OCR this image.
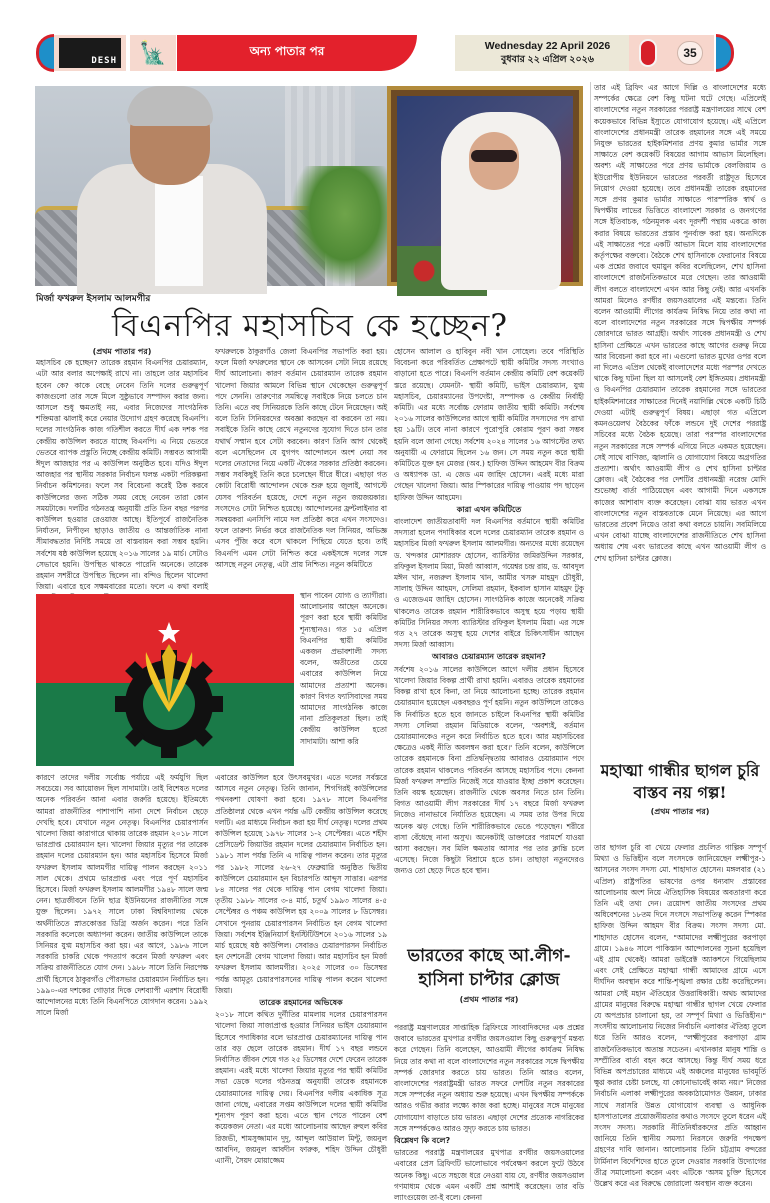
DESH	🗽	অন্য পাতার পর	Wednesday 22 April 2026
বুধবার ২২ এপ্রিল ২০২৬	35
মির্জা ফখরুল ইসলাম আলমগীর
বিএনপির মহাসচিব কে হচ্ছেন?

(প্রথম পাতার পর)

মহাসচিব কে হচ্ছেন? তারেক রহমান বিএনপির চেয়ারম্যান, এটা আর বলার অপেক্ষাই রাখে না। তাহলে তার মহাসচিব হবেন কে? কাকে বেছে নেবেন তিনি দলের গুরুত্বপূর্ণ কাজগুলো তার সঙ্গে মিলে সুষ্ঠুভাবে সম্পাদন করার জন্য। আসলে শুধু ক্ষমতাই নয়, এবার নিজেদের সাংগঠনিক শক্তিমত্তা ঝালাই করে নেয়ার উদ্যোগ গ্রহণ করেছে বিএনপি। দলের সাংগঠনিক কাজ গতিশীল করতে দীর্ঘ এক দশক পর কেন্দ্রীয় কাউন্সিল করতে যাচ্ছে বিএনপি। এ নিয়ে ভেতরে ভেতরে ব্যাপক প্রস্তুতি নিচ্ছে কেন্দ্রীয় কমিটি। সম্ভবত আগামী ঈদুল আজহার পর এ কাউন্সিল অনুষ্ঠিত হবে। যদিও ঈদুল আজহার পর স্থানীয় সরকার নির্বাচন ঘলন্ত একটা পরিকল্পনা নির্বাচন কমিশনের। ফলে সব বিবেচনা করেই ঠিক করবে কাউন্সিলের জন্য সঠিক সময় বেছে নেবেন তারা কোন সময়টাকে। দলটির গঠনতন্ত্র অনুযায়ী প্রতি তিন বছর পরপর কাউন্সিল হওয়ার রেওয়াজ আছে। ইতিপূর্বে রাজনৈতিক নির্যাতন, নিপীড়ন ছাড়াও জাতীয় ও আন্তর্জাতিক নানা সীমাবদ্ধতার নির্দিষ্ট সময়ে তা বাস্তবায়ন করা সম্ভব হয়নি। সর্বশেষ ষষ্ঠ কাউন্সিল হয়েছে ২০১৬ সালের ১৯ মার্চ। সেটাও সেভাবে হয়নি। উপস্থিত থাকতে পারেনি অনেকে। তারেক রহমান সশরীরে উপস্থিত ছিলেন না। বন্দিও ছিলেন খালেদা জিয়া। এবারে হবে সক্ষমবারের মতো। ফলে এ কথা বলাই

ফখরুলকে ঠাকুরগাঁও জেলা বিএনপির সভাপতি করা হয়। ফলে মির্জা ফখরুলের স্থানে কে আসবেন সেটা নিয়ে রয়েছে দীর্ঘ আলোচনা। কারণ বর্তমান চেয়ারম্যান তারেক রহমান খালেদা জিয়ার আমলে বিভিন্ন স্থানে থেকেছেন গুরুত্বপূর্ণ পদে সেননি। তারুণ্যের সমন্বিত্বে সবাইকে নিয়ে চলতে চান তিনি। এতে বহু সিনিয়রকে তিনি কাছে টেনে নিয়েছেন। অই বলে তিনি সিনিয়রদের অবজ্ঞা করছেন বা করবেন তা নয়। সবাইকে তিনি কাছে রেখে নতুনদের সুযোগ দিতে চান তার যথার্থ সম্মান হবে সেটা করবেন। কারণ তিনি আগ থেকেই বলে এসেছিলেন যে যুগপৎ আন্দোলনে অংশ নেয়া সব দলের নেতাদের নিয়ে একটি ঐক্যের সরকার প্রতিষ্ঠা করবেন। সম্ভব সবকিছুই তিনি করে চলেছেন ধীরে ধীরে। এছাড়া গত কোটা বিরোধী আন্দোলন থেকে শুরু হয়ে জুলাই, আগস্টে যেসব পরিবর্তন হয়েছে, দেশে নতুন নতুন জয়জয়কার। সংসদেও সেটা নিশ্চিত হয়েছে। আন্দোলনের ফ্রন্টলাইনার বা সমন্বয়করা এনসিপি নামে দল প্রতিষ্ঠা করে এখন সংসদেও। ফলে তারুণ্য নির্ভর করে রাজনৈতিক দল সিনিয়র, অভিজ্ঞ এসব পুঁজি করে বসে থাকলে পিছিয়ে যেতে হবে। তাই বিএনপি এমন সেটা নিশ্চিত করে একইসঙ্গে দলের সঙ্গে আসছে নতুন নেতৃত্ব, এটা প্রায় নিশ্চিত। নতুন কমিটিতে

স্থান পাবেন যোগ্য ও ত্যাগীরা। আলোচনায় আছেন অনেকে। পূরণ করা হবে স্থায়ী কমিটির শূন্যস্থানও। গত ১৫ এপ্রিল বিএনপির স্থায়ী কমিটির একজন প্রভাবশালী সদস্য বলেন, অতীতের চেয়ে এবারের কাউন্সিল নিয়ে আমাদের প্রত্যাশা অনেক। কারণ বিগত ফ্যাসিবাদের সময় আমাদের সাংগঠনিক কাজে নানা প্রতিকূলতা ছিল। তাই কেন্দ্রীয় কাউন্সিল হতো সাদামাটা। আশা করি

কারণে তাদের দলীয় সর্বোচ্চ পর্যায়ে এই ফর্মযুগি ছিল সবচেয়ে। সব আয়োজন ছিল সাদামাটা। তাই বিশেষত দলের অনেক পরিবর্তন আনা এবার জরুরি হয়েছে। ইতিমধ্যে আমরা রাজনীতির পাশাপাশি নানা দেশে নির্বাচন ছেড়ে দেখছি হবে। যেখানে নতুন নেতৃত্ব। বিএনপির চেয়ারপার্সন খালেদা জিয়া কারাগারে থাকায় তারেক রহমান ২০১৮ সালে ভারপ্রাপ্ত চেয়ারম্যান হন। খালেদা জিয়ার মৃত্যুর পর তারেক রহমান দলের চেয়ারম্যান হন। আর মহাসচিব হিসেবে মির্জা ফখরুল ইসলাম আলমগীর দায়িত্ব পালন করছেন ২০১১ সাল থেকে। প্রথমে ভারপ্রাপ্ত এবং পরে পূর্ণ মহাসচিব হিসেবে। মির্জা ফখরুল ইসলাম আলমগীর ১৯৪৮ সালে জন্ম নেন। ছাত্রজীবনে তিনি ছাত্র ইউনিয়নের রাজনীতির সঙ্গে যুক্ত ছিলেন। ১৯৭২ সালে ঢাকা বিশ্ববিদ্যালয় থেকে অর্থনীতিতে স্নাতকোত্তর ডিগ্রি অর্জন করেন। পরে তিনি সরকারি কলেজে অধ্যাপনা করেন। জাতীয় কাউন্সিলে তাকে সিনিয়র যুগ্ম মহাসচিব করা হয়। এর আগে, ১৯৮৬ সালে সরকারি চাকরি থেকে পদত্যাগ করেন মির্জা ফখরুল এবং সক্রিয় রাজনীতিতে যোগ দেন। ১৯৮৮ সালে তিনি নিরপেক্ষ প্রার্থী হিসেবে ঠাকুরগাঁও পৌরসভার চেয়ারম্যান নির্বাচিত হন। ১৯৯০-এর দশকের গোড়ার দিকে দেশব্যাপী এরশাদ বিরোধী আন্দোলনের মধ্যে তিনি বিএনপিতে যোগদান করেন। ১৯৯২ সালে মির্জা

এবারের কাউন্সিল হবে উৎসবমুখর। এতে দলের সর্বস্তরে আসবে নতুন নেতৃত্ব। তিনি জানান, শিগগিরই কাউন্সিলের পথনকশা ঘোষণা করা হবে। ১৯৭৮ সালে বিএনপির প্রতিষ্ঠালগ্ন থেকে এখন পর্যন্ত ৬টি কেন্দ্রীয় কাউন্সিল করেছে দলটি। এর মাধ্যমে নির্বাচন করা হয় দীর্ঘ নেতৃত্ব। দলের প্রথম কাউন্সিল হয়েছে ১৯৭৮ সালের ১-২ সেপ্টেম্বর। এতে শহীদ প্রেসিডেন্ট জিয়াউর রহমান দলের চেয়ারম্যান নির্বাচিত হন। ১৯৮১ সাল পর্যন্ত তিনি এ দায়িত্ব পালন করেন। তার মৃত্যুর পর ১৯৮২ সালের ২৬-২৭ ফেব্রুয়ারি অনুষ্ঠিত দ্বিতীয় কাউন্সিলে চেয়ারম্যান হন বিচারপতি আব্দুস সাত্তার। এরপর ৮৪ সালের পর থেকে দায়িত্ব পান বেগম খালেদা জিয়া। তৃতীয় ১৯৮৮ সালের ৩-৪ মার্চ, চতুর্থ ১৯৯৩ সালের ৪-৫ সেপ্টেম্বর ও পঞ্চম কাউন্সিল হয় ২০০৯ সালের ৮ ডিসেম্বর। সেখানে পুনরায় চেয়ারপারসন নির্বাচিত হন বেগম খালেদা জিয়া। সর্বশেষ ইঞ্জিনিয়ার্স ইনস্টিটিউশনে ২০১৬ সালের ১৯ মার্চ হয়েছে ষষ্ঠ কাউন্সিল। সেবারও চেয়ারপারসন নির্বাচিত হন দেশনেত্রী বেগম খালেদা জিয়া। আর মহাসচিব হন মির্জা ফখরুল ইসলাম আলমগীর। ২০২৫ সালের ৩০ ডিসেম্বর পর্যন্ত আমৃত্যু চেয়ারপারসনের দায়িত্ব পালন করেন খালেদা জিয়া।

তারেক রহমানের অভিষেক

২০১৮ সালে কথিত দুর্নীতির মামলায় দলের চেয়ারপারসন খালেদা জিয়া সাজাপ্রাপ্ত হওয়ার সিনিয়র ভাইস চেয়ারম্যান হিসেবে পদাধিকার বলে ভারপ্রাপ্ত চেয়ারম্যানের দায়িত্ব পান তার বড় ছেলে তারেক রহমান। দীর্ঘ ১৭ বছর লন্ডনে নির্বাসিত জীবন শেষে গত ২৫ ডিসেম্বর দেশে ফেরেন তারেক রহমান। এরই মধ্যে খালেদা জিয়ার মৃত্যুর পর স্থায়ী কমিটির সভা ডেকে দলের গঠনতন্ত্র অনুযায়ী তারেক রহমানকে চেয়ারম্যানের দায়িত্ব দেয়। বিএনপির দলীয় একাধিক সূত্র জানা গেছে, এবারের সপ্তম কাউন্সিলে দলের স্থায়ী কমিটির শূন্যপদ পূরণ করা হবে। এতে স্থান পেতে পারেন বেশ কয়েকজন নেতা। এর মধ্যে আলোচনায় আছেন রুহুল কবির রিজভী, শামসুজ্জামান দুদু, আব্দুল আউয়াল মিন্টু, জয়নুল আবদিন, জয়নুল আবদীন ফারুক, শহিদ উদ্দিন চৌধুরী এ্যানী, সৈয়দ মোয়াজ্জেম

হোসেন আলাল ও হাবিবুন নবী খান সোহেল। তবে পরিস্থিতি বিবেচনা করে পরিবর্তিত প্রেক্ষাপটে স্থায়ী কমিটির সদস্য সংখ্যাও বাড়ানো হতে পারে। বিএনপি বর্তমান কেন্দ্রীয় কমিটি বেশ কয়েকটি স্তরে রয়েছে। যেমনটা- স্থায়ী কমিটি, ভাইস চেয়ারম্যান, যুগ্ম মহাসচিব, চেয়ারম্যানের উপদেষ্টা, সম্পাদক ও কেন্দ্রীয় নির্বাহী কমিটি। এর মধ্যে সর্বোচ্চ ফোরাম জাতীয় স্থায়ী কমিটি। সর্বশেষ ২০১৬ সালের কাউন্সিলের আগে স্থায়ী কমিটির সদস্যদের পদ রাখা হয় ১৯টি। তবে নানা কারণে পুরোপুরি কোরাম পূরণ করা সম্ভব হয়নি বলে জানা গেছে। সর্বশেষ ২০২৪ সালের ১৬ আগস্টের তথ্য অনুযায়ী এ ফোরামে ছিলেন ১৬ জন। সে সময় নতুন করে স্থায়ী কমিটিতে যুক্ত হন মেজর (অব.) হাফিজ উদ্দিন আহমেদ বীর বিক্রম ও অধ্যাপক ডা. এ জেড এম জাহিদ হোসেন। এরই মধ্যে মারা গেছেন খালেদা জিয়া। আর স্পিকারের দায়িত্ব পাওয়ায় পদ ছাড়েন হাফিজ উদ্দিন আহমেদ।

কারা এখন কমিটিতে

বাংলাদেশ জাতীয়তাবাদী দল বিএনপির বর্তমানে স্থায়ী কমিটির সদস্যরা হলেন পদাধিকার বলে দলের চেয়ারম্যান তারেক রহমান ও মহাসচিব মির্জা ফখরুল ইসলাম আলমগীর। অন্যদের মধ্যে রয়েছেন ড. খন্দকার মোশাররফ হোসেন, ব্যারিস্টার জমিরউদ্দিন সরকার, রফিকুল ইসলাম মিয়া, মির্জা আব্বাস, গয়েশ্বর চন্দ্র রায়, ড. আবদুল মঈন খান, নজরুল ইসলাম খান, আমীর খসরু মাহমুদ চৌধুরী, সালাহ উদ্দিন আহমদ, সেলিমা রহমান, ইকবাল হাসান মাহমুদ টুকু ও এজেডএম জাহিদ হোসেন। সাংগঠনিক কাজে অনেকেই সক্রিয় থাকলেও তারেক রহমান শারীরিকভাবে অসুস্থ হয়ে পড়ায় স্থায়ী কমিটির সিনিয়র সদস্য ব্যারিস্টার রফিকুল ইসলাম মিয়া। এর সঙ্গে গত ২৭ তারেক অসুস্থ হয়ে দেশের বাইরে চিকিৎসাধীন আছেন সদস্য মির্জা আব্বাস।

আবারও চেয়ারম্যান তারেক রহমান?

সর্বশেষ ২০১৬ সালের কাউন্সিলে আগে দলীয় প্রধান হিসেবে খালেদা জিয়ার বিকল্প প্রার্থী রাখা হয়নি। এবারও তারেক রহমানের বিকল্প রাখা হবে কিনা, তা নিয়ে আলোচনা হচ্ছে। তারেক রহমান চেয়ারম্যান হয়েছেন একবছরও পূর্ণ হয়নি। নতুন কাউন্সিলে তাকেও কি নির্বাচিত হতে হবে জানতে চাইলে বিএনপির স্থায়ী কমিটির সদস্য সেলিমা রহমান মিডিয়াকে বলেন, 'অবশ্যই, বর্তমান চেয়ারম্যানকেও নতুন করে নির্বাচিত হতে হবে। আর মহাসচিবের ক্ষেত্রেও একই নীতি অবলম্বন করা হবে।' তিনি বলেন, কাউন্সিলে তারেক রহমানকে বিনা প্রতিদ্বন্দ্বিতায় আবারও চেয়ারম্যান পদে তারেক রহমান থাকলেও পরিবর্তন আসছে মহাসচিব পদে। কেননা মির্জা ফখরুল সম্প্রতি নিজেই সরে যাওয়ার ইচ্ছা প্রকাশ করেছেন। তিনি বয়স্ক হয়েছেন। রাজনীতি থেকে অবসর নিতে চান তিনি। বিগত আওয়ামী লীগ সরকারের দীর্ঘ ১৭ বছরে মির্জা ফখরুল নিজেও নানাভাবে নির্যাতিত হয়েছেন। এ সময় তার উপর দিয়ে অনেক ঝড় গেছে। তিনি শারীরিকভাবে ভেঙে পড়েছেন। শরীরে বাসা বেঁধেছে নানা অসুখ। অনেকটাই ডাক্তারের পরামর্শে যাওয়া আসা করছেন। সব মিলি ক্ষমতায় আসার পর তার ক্লান্তি চলে এসেছে। নিজে কিছুটা বিশ্রামে হতে চান। তাছাড়া নতুনদেরও জন্যও তো ছেড়ে দিতে হবে স্থান।

ভারতের কাছে আ.লীগ-হাসিনা চাপ্টার ক্লোজ

(প্রথম পাতার পর)

পররাষ্ট্র মন্ত্রণালয়ের সাপ্তাহিক ব্রিফিংয়ে সাংবাদিকদের এক প্রশ্নের জবাবে ভারতের মুখপাত্র রণধীর জয়সওয়াল কিছু গুরুত্বপূর্ণ মন্তব্য করে গেছেন। তিনি বলেছেন, আওয়ামী লীগের কার্যক্রম নিষিদ্ধ নিয়ে তার কথা না বলে বাংলাদেশের নতুন সরকারের সঙ্গে দ্বিপক্ষীয় সম্পর্ক জোরদার করতে চায় ভারত। তিনি আরও বলেন, বাংলাদেশের পররাষ্ট্রমন্ত্রী ভারত সফরে দেশটির নতুন সরকারের সঙ্গে সম্পর্কের নতুন অধ্যায় শুরু হয়েছে। এখন দ্বিপক্ষীয় সম্পর্ককে আরও গভীর করার লক্ষ্যে কাজ করা হচ্ছে। মানুষের সঙ্গে মানুষের যোগাযোগ বাড়াতে চায় ভারত। এছাড়া দেশের প্রত্যেক নাগরিকের সঙ্গে সম্পর্ককেও আরও সুদৃঢ় করতে চায় ভারত।

বিশ্লেষণ কি বলে?

ভারতের পররাষ্ট্র মন্ত্রণালয়ের মুখপাত্র রণধীর জয়সওয়ালের এবারের প্রেস ব্রিফিংটি ভালোভাবে পর্যবেক্ষণ করলে ফুটে উঠবে অনেক কিছু। এতে সহজে ধরে নেওয়া যায় যে, রণধীর জয়সওয়াল গণমাধ্যম থেকে এমন একটি প্রশ্ন আশাই করেছেন। তার বডি ল্যাংগুয়েজ তা-ই বলে। কেননা

তার এই ব্রিফিং এর আগে দিল্লি ও বাংলাদেশের মধ্যে সম্পর্কের ক্ষেত্রে বেশ কিছু ঘটনা ঘটে গেছে। এপ্রিলেই বাংলাদেশের নতুন সরকারের পররাষ্ট্র মন্ত্রণালয়ের সাথে বেশ কয়েকভাবে বিভিন্ন ইস্যুতে যোগাযোগ হয়েছে। এই এপ্রিলে বাংলাদেশের প্রধানমন্ত্রী তারেক রহমানের সঙ্গে এই সময়ে নিযুক্ত ভারতের হাইকমিশনার প্রণয় কুমার ভার্মার সঙ্গে সাক্ষাতে বেশ কয়েকটি বিষয়ের আগাম আভাস মিলেছিল। অবশ্য এই সাক্ষাতের পরে প্রণয় ভার্মাকে বেলজিয়াম ও ইউরোপীয় ইউনিয়নে ভারতের পরবর্তী রাষ্ট্রদূত হিসেবে নিয়োগ দেওয়া হয়েছে। তবে প্রধানমন্ত্রী তারেক রহমানের সঙ্গে প্রণয় কুমার ভার্মার সাক্ষাতে পারস্পরিক স্বার্থ ও দ্বিপক্ষীয় লাভের ভিত্তিতে বাংলাদেশ সরকার ও জনগণের সঙ্গে ইতিবাচক, গঠনমূলক এবং দূরদর্শী পন্থায় একত্রে কাজ করার বিষয়ে ভারতের প্রস্তাব পুনর্ব্যক্ত করা হয়। অন্যদিকে এই সাক্ষাতের পরে একটি আভাস মিলে যায় বাংলাদেশের কর্তৃপক্ষের বক্তব্যে। বৈঠকে শেখ হাসিনাকে ফেরানোর বিষয়ে এক প্রশ্নের জবাবে হুমায়ুন কবির বলেছিলেন, শেখ হাসিনা বাংলাদেশে রাজনৈতিকভাবে মরে গেছেন। তার আওয়ামী লীগ বলতে বাংলাদেশে এখন আর কিছু নেই। আর এখনকি আমরা মিলেও রণধীর জয়সওয়ালের এই মন্তব্যে। তিনি বলেন আওয়ামী লীগের কার্যক্রম নিষিদ্ধ নিয়ে তার কথা না বলে বাংলাদেশের নতুন সরকারের সঙ্গে দ্বিপক্ষীয় সম্পর্ক জোরদারে ভারত আগ্রহী। অর্থাৎ সাবেক প্রধানমন্ত্রী ও শেখ হাসিনা প্রেক্ষিতে এখন ভারতের কাছে আগের গুরুত্ব নিয়ে আর বিবেচনা করা হবে না। এগুলো ভারত মুখের ওপর বলে না দিলেও এপ্রিল থেকেই বাংলাদেশের মধ্যে পরস্পর দেখতে থাকে কিছু ঘটনা ছিল যা আসলেই বেশ ইঙ্গিতময়। প্রধানমন্ত্রী ও বিএনপির চেয়ারম্যান তারেক রহমানের সঙ্গে ভারতের হাইকমিশনারের সাক্ষাতের দিনেই নয়াদিল্লি থেকে একটি চিঠি দেওয়া এটাই গুরুত্বপূর্ণ বিষয়। এছাড়া গত এপ্রিলে কমনওয়েলথ বৈঠকের ফাঁকে লন্ডনে দুই দেশের পররাষ্ট্র সচিবের মধ্যে বৈঠক হয়েছে। তারা পরস্পর বাংলাদেশের নতুন সরকারের সঙ্গে সম্পর্ক এগিয়ে নিতে একমত হয়েছেন। সেই সাথে বাণিজ্য, জ্বালানি ও যোগাযোগ বিষয়ে অগ্রগতির প্রত্যাশা। অর্থাৎ আওয়ামী লীগ ও শেখ হাসিনা চাপ্টার ক্লোজ। এই বৈঠকের পর দেশটির প্রধানমন্ত্রী নরেন্দ্র মোদি শুভেচ্ছা বার্তা পাঠিয়েছেন এবং আগামী দিনে একসঙ্গে কাজের আশাবাদ ব্যক্ত করেছেন। বোঝা যায় ভারত এখন বাংলাদেশের নতুন বাস্তবতাকে মেনে নিয়েছে। এর আগে ভারতের প্রবেশ নিয়েও তারা কথা বলতে চায়নি। সবমিলিয়ে এখন বোঝা যাচ্ছে বাংলাদেশের রাজনীতিতে শেখ হাসিনা অধ্যায় শেষ এবং ভারতের কাছে এখন আওয়ামী লীগ ও শেখ হাসিনা চাপ্টার ক্লোজ।

মহাত্মা গান্ধীর ছাগল চুরি বাস্তব নয় গল্প!

(প্রথম পাতার পর)

তার ছাগল চুরি বা খেয়ে ফেলার প্রচলিত গাল্পিক সম্পূর্ণ মিথ্যা ও ভিত্তিহীন বলে সংসদকে জানিয়েছেন লক্ষ্মীপুর-১ আসনের সংসদ সদস্য মো. শাহাদাত হোসেন। মঙ্গলবার (২১ এপ্রিল) রাষ্ট্রপতির ভাষণের ওপর ধন্যবাদ প্রস্তাবের আলোচনায় অংশ নিয়ে ঐতিহাসিক বিষয়ের অবতারণা করে তিনি এই তথ্য দেন। ত্রয়োদশ জাতীয় সংসদের প্রথম অধিবেশনের ১৮তম দিনে সংসদে সভাপতিত্ব করেন স্পিকার হাফিজ উদ্দিন আহমদ বীর বিক্রম। সংসদ সদস্য মো. শাহাদাত হোসেন বলেন, "আমাদের লক্ষ্মীপুরের করপাড়া গ্রামে। ১৯৪৬ সালে পাকিস্তান আন্দোলনের সূচনা হয়েছিল এই গ্রাম থেকেই। আমরা ডাইরেক্ট অ্যাকশনে গিয়েছিলাম এবং সেই প্রেক্ষিতে মহাত্মা গান্ধী আমাদের গ্রামে এসে দীর্ঘদিন অবস্থান করে শান্তি-শৃঙ্খলা রক্ষার চেষ্টা করেছিলেন। আমরা সেই মহান ঐতিহ্যের উত্তরাধিকারী। অথচ আমাদের গ্রামের মানুষের বিরুদ্ধে মহাত্মা গান্ধীর ছাগল খেয়ে ফেলার যে অপপ্রচার চালানো হয়, তা সম্পূর্ণ মিথ্যা ও ভিত্তিহীন।" সংসদীয় আলোচনায় নিজের নির্বাচনি এলাকার ঐতিহ্য তুলে ধরে তিনি আরও বলেন, "লক্ষ্মীপুরের করপাড়া গ্রাম রাজনৈতিকভাবে অত্যন্ত সচেতন। এখানকার মানুষ শান্তি ও সম্প্রীতির বার্তা বহন করে আসছে। কিন্তু দীর্ঘ সময় ধরে বিভিন্ন অপপ্রচারের মাধ্যমে এই অঞ্চলের মানুষের ভাবমূর্তি ক্ষুণ্ণ করার চেষ্টা চলছে, যা কোনোভাবেই কাম্য নয়।" নিজের নির্বাচনি এলাকা লক্ষ্মীপুরের অবকাঠামোগত উন্নয়ন, ঢাকার সাথে সরাসরি উন্নত যোগাযোগ ব্যবস্থা ও আধুনিক হাসপাতালের প্রয়োজনীয়তার কথাও সংসদে তুলে ধরেন এই সংসদ সদস্য। সরকারি নীতিনির্ধারকদের প্রতি আহ্বান জানিয়ে তিনি স্থানীয় সমস্যা নিরসনে জরুরি পদক্ষেপ গ্রহণের দাবি জানান। আলোচনায় তিনি চট্টগ্রাম বন্দরের টার্মিনাল বিদেশিদের হাতে তুলে দেওয়ার সরকারি উদ্যোগের তীব্র সমালোচনা করেন এবং এটিকে 'অসম চুক্তি' হিসেবে উল্লেখ করে এর বিরুদ্ধে জোরালো অবস্থান ব্যক্ত করেন।
